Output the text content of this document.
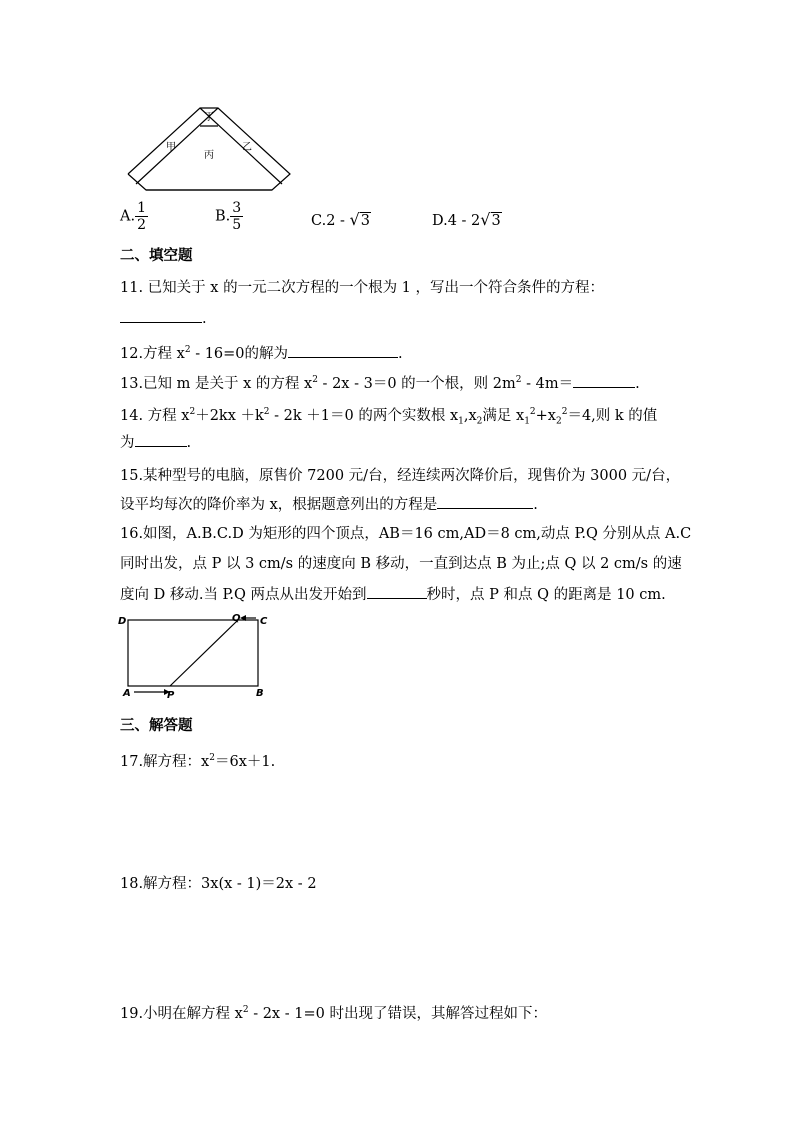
丁
甲
丙
乙
A. $\frac{1}{2}$	B. $\frac{3}{5}$	C.2 - √3	D.4 - 2√3
二、填空题
11. 已知关于 x 的一元二次方程的一个根为 1 ，写出一个符合条件的方程：
.
12.方程 $x^2 - 16=0$的解为	.
13.已知 m 是关于 x 的方程 $x^2 - 2x - 3=0$ 的一个根，则 $2m^2 - 4m=$	.
14. 方程 $x^2+2kx +k^2 - 2k +1=0$ 的两个实数根 $x_1,x_2$满足 $x_1^2+x_2^2=4$,则 k 的值
为	.
15.某种型号的电脑，原售价 7200 元/台，经连续两次降价后，现售价为 3000 元/台，
设平均每次的降价率为 x，根据题意列出的方程是	.
16.如图，A.B.C.D 为矩形的四个顶点，AB＝16 cm,AD＝8 cm,动点 P.Q 分别从点 A.C
同时出发，点 P 以 3 cm/s 的速度向 B 移动，一直到达点 B 为止;点 Q 以 2 cm/s 的速
度向 D 移动.当 P.Q 两点从出发开始到	秒时，点 P 和点 Q 的距离是 10 cm.
D	Q C
A	P	B
三、解答题
17.解方程：$x^2=6x+1$.
18.解方程：3x(x - 1)＝2x - 2
19.小明在解方程 $x^2 - 2x - 1=0$ 时出现了错误，其解答过程如下：
